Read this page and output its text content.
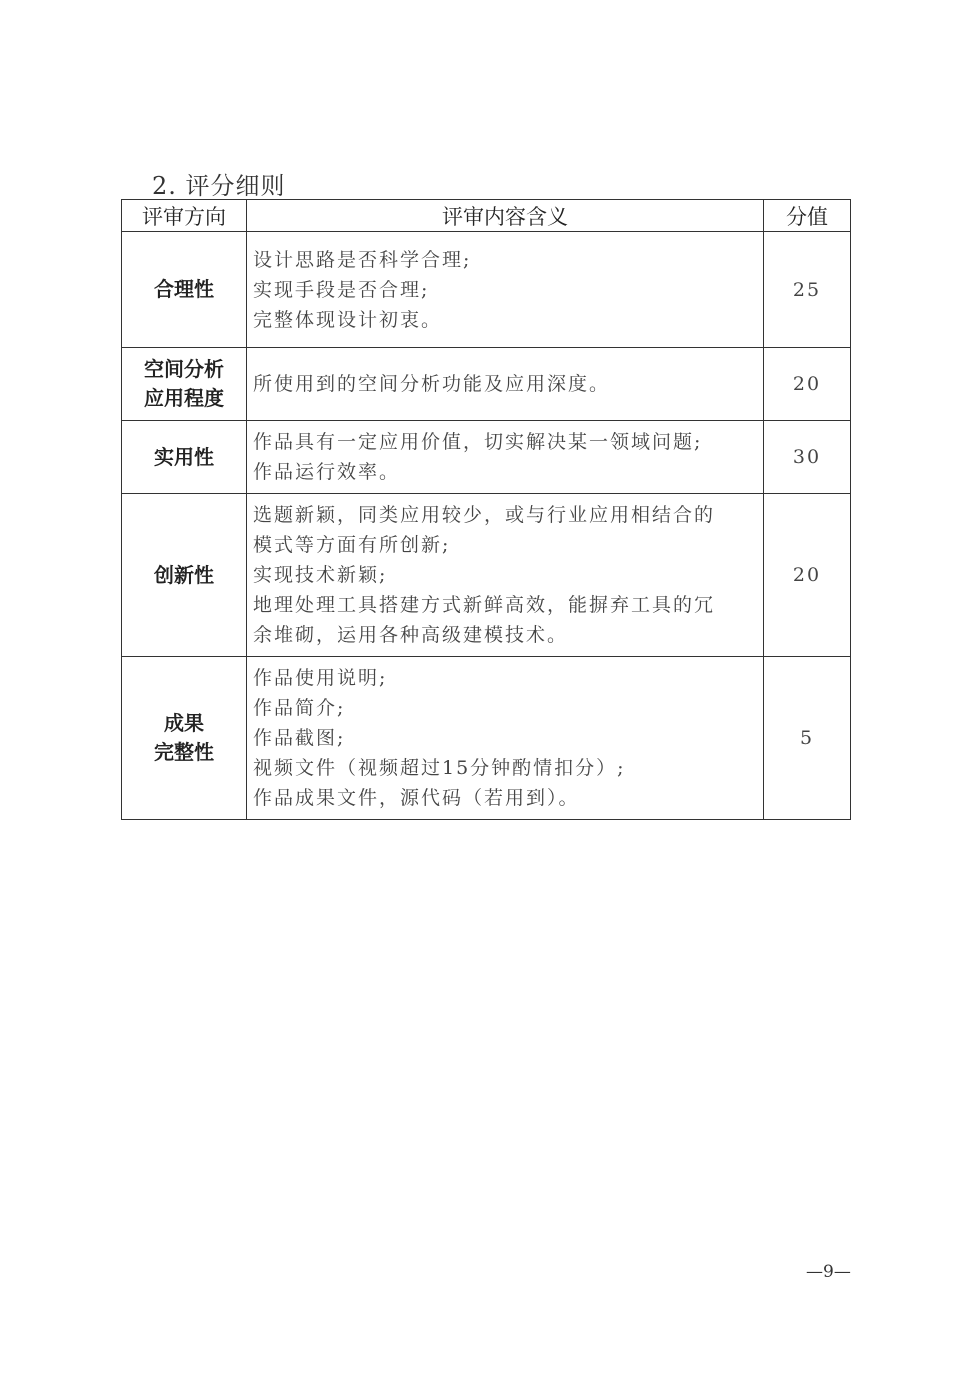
2. 评分细则
评审方向	评审内容含义	分值

合理性	设计思路是否科学合理;
实现手段是否合理;
完整体现设计初衷。	25

空间分析
应用程度	所使用到的空间分析功能及应用深度。	20

实用性	作品具有一定应用价值，切实解决某一领域问题;
作品运行效率。	30

创新性	选题新颖，同类应用较少，或与行业应用相结合的
模式等方面有所创新;
实现技术新颖;
地理处理工具搭建方式新鲜高效，能摒弃工具的冗
余堆砌，运用各种高级建模技术。	20

成果
完整性	作品使用说明;
作品简介;
作品截图;
视频文件（视频超过15分钟酌情扣分）;
作品成果文件，源代码（若用到）。	5
—9—
